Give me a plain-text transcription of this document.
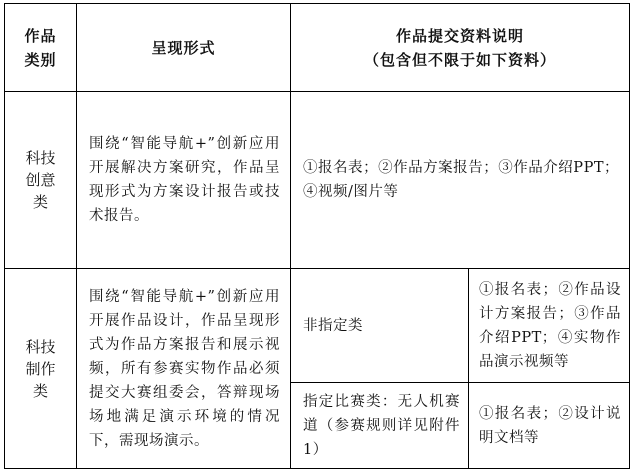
作品
类别
呈现形式
作品提交资料说明
（包含但不限于如下资料）
科技
创意
类
围绕“智能导航+”创新应用开展解决方案研究，作品呈现形式为方案设计报告或技术报告。
①报名表；②作品方案报告；③作品介绍PPT；④视频/图片等
科技
制作
类
围绕“智能导航+”创新应用开展作品设计，作品呈现形式为作品方案报告和展示视频，所有参赛实物作品必须提交大赛组委会，答辩现场场地满足演示环境的情况下，需现场演示。
非指定类
①报名表；②作品设计方案报告；③作品介绍PPT；④实物作品演示视频等
指定比赛类：无人机赛道（参赛规则详见附件1）
①报名表；②设计说明文档等
